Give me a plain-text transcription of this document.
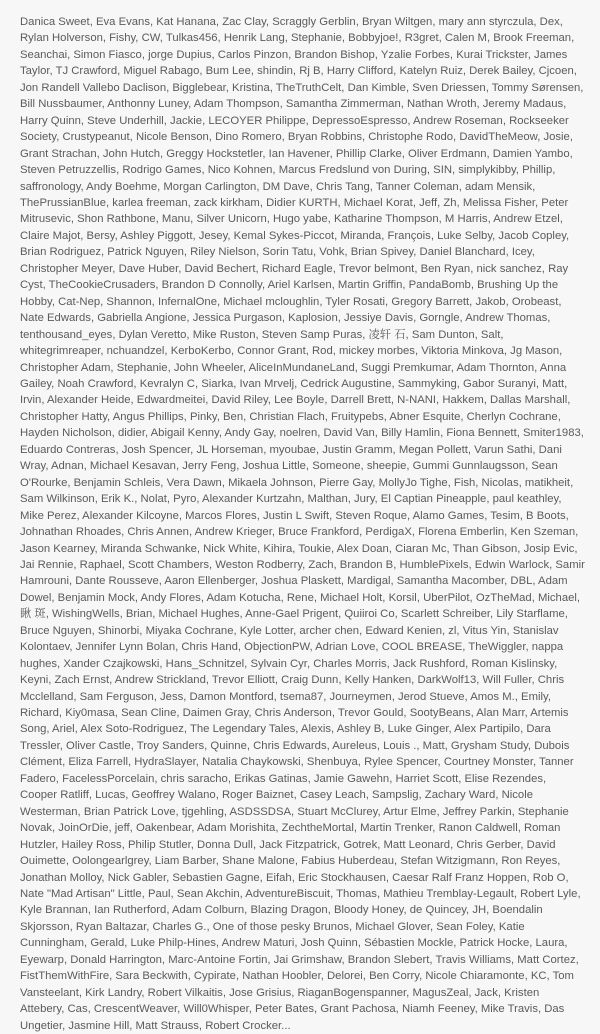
Danica Sweet, Eva Evans, Kat Hanana, Zac Clay, Scraggly Gerblin, Bryan Wiltgen, mary ann styrczula, Dex, Rylan Holverson, Fishy, CW, Tulkas456, Henrik Lang, Stephanie, Bobbyjoe!, R3gret, Calen M, Brook Freeman, Seanchai, Simon Fiasco, jorge Dupius, Carlos Pinzon, Brandon Bishop, Yzalie Forbes, Kurai Trickster, James Taylor, TJ Crawford, Miguel Rabago, Bum Lee, shindin, Rj B, Harry Clifford, Katelyn Ruiz, Derek Bailey, Cjcoen, Jon Randell Vallebo Daclison, Bigglebear, Kristina, TheTruthCelt, Dan Kimble, Sven Driessen, Tommy Sørensen, Bill Nussbaumer, Anthonny Luney, Adam Thompson, Samantha Zimmerman, Nathan Wroth, Jeremy Madaus, Harry Quinn, Steve Underhill, Jackie, LECOYER Philippe, DepressoEspresso, Andrew Roseman, Rockseeker Society, Crustypeanut, Nicole Benson, Dino Romero, Bryan Robbins, Christophe Rodo, DavidTheMeow, Josie, Grant Strachan, John Hutch, Greggy Hockstetler, Ian Havener, Phillip Clarke, Oliver Erdmann, Damien Yambo, Steven Petruzzellis, Rodrigo Games, Nico Kohnen, Marcus Fredslund von During, SIN, simplykibby, Phillip, saffronology, Andy Boehme, Morgan Carlington, DM Dave, Chris Tang, Tanner Coleman, adam Mensik, ThePrussianBlue, karlea freeman, zack kirkham, Didier KURTH, Michael Korat, Jeff, Zh, Melissa Fisher, Peter Mitrusevic, Shon Rathbone, Manu, Silver Unicorn, Hugo yabe, Katharine Thompson, M Harris, Andrew Etzel, Claire Majot, Bersy, Ashley Piggott, Jesey, Kemal Sykes-Piccot, Miranda, François, Luke Selby, Jacob Copley, Brian Rodriguez, Patrick Nguyen, Riley Nielson, Sorin Tatu, Vohk, Brian Spivey, Daniel Blanchard, Icey, Christopher Meyer, Dave Huber, David Bechert, Richard Eagle, Trevor belmont, Ben Ryan, nick sanchez, Ray Cyst, TheCookieCrusaders, Brandon D Connolly, Ariel Karlsen, Martin Griffin, PandaBomb, Brushing Up the Hobby, Cat-Nep, Shannon, InfernalOne, Michael mcloughlin, Tyler Rosati, Gregory Barrett, Jakob, Orobeast, Nate Edwards, Gabriella Angione, Jessica Purgason, Kaplosion, Jessiye Davis, Gorngle, Andrew Thomas, tenthousand_eyes, Dylan Veretto, Mike Ruston, Steven Samp Puras, 凌轩 石, Sam Dunton, Salt, whitegrimreaper, nchuandzel, KerboKerbo, Connor Grant, Rod, mickey morbes, Viktoria Minkova, Jg Mason, Christopher Adam, Stephanie, John Wheeler, AliceInMundaneLand, Suggi Premkumar, Adam Thornton, Anna Gailey, Noah Crawford, Kevralyn C, Siarka, Ivan Mrvelj, Cedrick Augustine, Sammyking, Gabor Suranyi, Matt, Irvin, Alexander Heide, Edwardmeitei, David Riley, Lee Boyle, Darrell Brett, N-NANI, Hakkem, Dallas Marshall, Christopher Hatty, Angus Phillips, Pinky, Ben, Christian Flach, Fruitypebs, Abner Esquite, Cherlyn Cochrane, Hayden Nicholson, didier, Abigail Kenny, Andy Gay, noelren, David Van, Billy Hamlin, Fiona Bennett, Smiter1983, Eduardo Contreras, Josh Spencer, JL Horseman, myoubae, Justin Gramm, Megan Pollett, Varun Sathi, Dani Wray, Adnan, Michael Kesavan, Jerry Feng, Joshua Little, Someone, sheepie, Gummi Gunnlaugsson, Sean O'Rourke, Benjamin Schleis, Vera Dawn, Mikaela Johnson, Pierre Gay, MollyJo Tighe, Fish, Nicolas, matikheit, Sam Wilkinson, Erik K., Nolat, Pyro, Alexander Kurtzahn, Malthan, Jury, El Captian Pineapple, paul keathley, Mike Perez, Alexander Kilcoyne, Marcos Flores, Justin L Swift, Steven Roque, Alamo Games, Tesim, B Boots, Johnathan Rhoades, Chris Annen, Andrew Krieger, Bruce Frankford, PerdigaX, Florena Emberlin, Ken Szeman, Jason Kearney, Miranda Schwanke, Nick White, Kihira, Toukie, Alex Doan, Ciaran Mc, Than Gibson, Josip Evic, Jai Rennie, Raphael, Scott Chambers, Weston Rodberry, Zach, Brandon B, HumblePixels, Edwin Warlock, Samir Hamrouni, Dante Rousseve, Aaron Ellenberger, Joshua Plaskett, Mardigal, Samantha Macomber, DBL, Adam Dowel, Benjamin Mock, Andy Flores, Adam Kotucha, Rene, Michael Holt, Korsil, UberPilot, OzTheMad, Michael, 瞅 斑, WishingWells, Brian, Michael Hughes, Anne-Gael Prigent, Quiiroi Co, Scarlett Schreiber, Lily Starflame, Bruce Nguyen, Shinorbi, Miyaka Cochrane, Kyle Lotter, archer chen, Edward Kenien, zl, Vitus Yin, Stanislav Kolontaev, Jennifer Lynn Bolan, Chris Hand, ObjectionPW, Adrian Love, COOL BREASE, TheWiggler, nappa hughes, Xander Czajkowski, Hans_Schnitzel, Sylvain Cyr, Charles Morris, Jack Rushford, Roman Kislinsky, Keyni, Zach Ernst, Andrew Strickland, Trevor Elliott, Craig Dunn, Kelly Hanken, DarkWolf13, Will Fuller, Chris Mcclelland, Sam Ferguson, Jess, Damon Montford, tsema87, Journeymen, Jerod Stueve, Amos M., Emily, Richard, Kiy0masa, Sean Cline, Daimen Gray, Chris Anderson, Trevor Gould, SootyBeans, Alan Marr, Artemis Song, Ariel, Alex Soto-Rodriguez, The Legendary Tales, Alexis, Ashley B, Luke Ginger, Alex Partipilo, Dara Tressler, Oliver Castle, Troy Sanders, Quinne, Chris Edwards, Aureleus, Louis ., Matt, Grysham Study, Dubois Clément, Eliza Farrell, HydraSlayer, Natalia Chaykowski, Shenbuya, Rylee Spencer, Courtney Monster, Tanner Fadero, FacelessPorcelain, chris saracho, Erikas Gatinas, Jamie Gawehn, Harriet Scott, Elise Rezendes, Cooper Ratliff, Lucas, Geoffrey Walano, Roger Baiznet, Casey Leach, Sampslig, Zachary Ward, Nicole Westerman, Brian Patrick Love, tjgehling, ASDSSDSA, Stuart McClurey, Artur Elme, Jeffrey Parkin, Stephanie Novak, JoinOrDie, jeff, Oakenbear, Adam Morishita, ZechtheMortal, Martin Trenker, Ranon Caldwell, Roman Hutzler, Hailey Ross, Philip Stutler, Donna Dull, Jack Fitzpatrick, Gotrek, Matt Leonard, Chris Gerber, David Ouimette, Oolongearlgrey, Liam Barber, Shane Malone, Fabius Huberdeau, Stefan Witzigmann, Ron Reyes, Jonathan Molloy, Nick Gabler, Sebastien Gagne, Eifah, Eric Stockhausen, Caesar Ralf Franz Hoppen, Rob O, Nate "Mad Artisan" Little, Paul, Sean Akchin, AdventureBiscuit, Thomas, Mathieu Tremblay-Legault, Robert Lyle, Kyle Brannan, Ian Rutherford, Adam Colburn, Blazing Dragon, Bloody Honey, de Quincey, JH, Boendalin Skjorsson, Ryan Baltazar, Charles G., One of those pesky Brunos, Michael Glover, Sean Foley, Katie Cunningham, Gerald, Luke Philp-Hines, Andrew Maturi, Josh Quinn, Sébastien Mockle, Patrick Hocke, Laura, Eyewarp, Donald Harrington, Marc-Antoine Fortin, Jai Grimshaw, Brandon Slebert, Travis Williams, Matt Cortez, FistThemWithFire, Sara Beckwith, Cypirate, Nathan Hoobler, Delorei, Ben Corry, Nicole Chiaramonte, KC, Tom Vansteelant, Kirk Landry, Robert Vilkaitis, Jose Grisius, RiaganBogenspanner, MagusZeal, Jack, Kristen Attebery, Cas, CrescentWeaver, Will0Whisper, Peter Bates, Grant Pachosa, Niamh Feeney, Mike Travis, Das Ungetier, Jasmine Hill, Matt Strauss, Robert Crocker...
